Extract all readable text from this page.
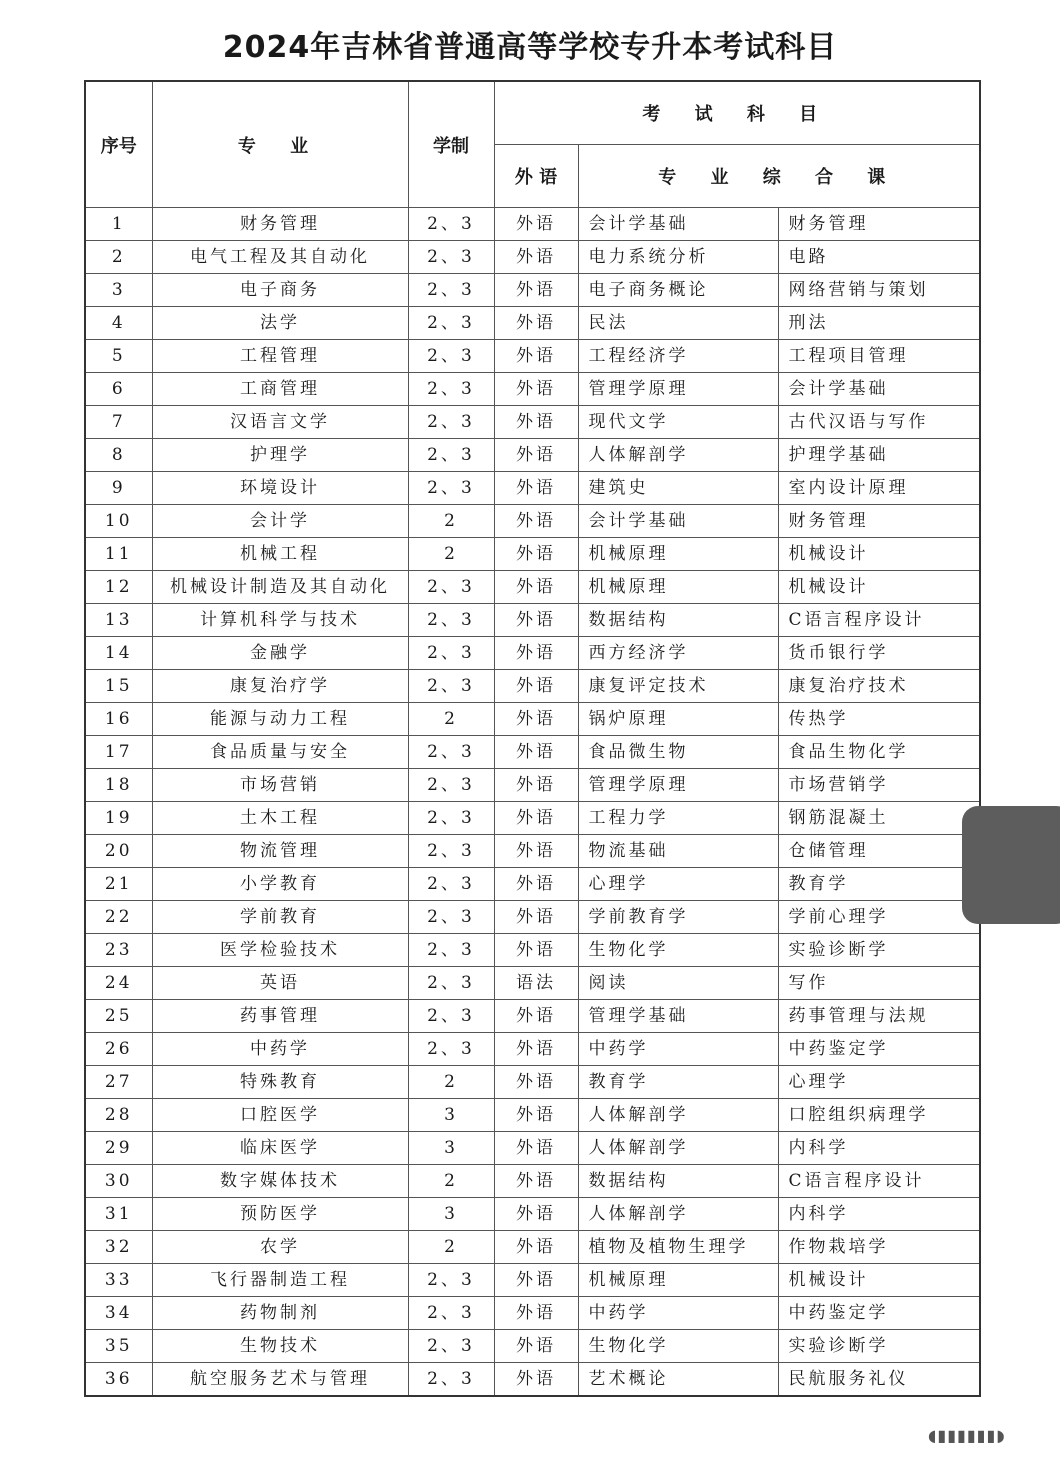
2024年吉林省普通高等学校专升本考试科目
序号	专 业	学制	考 试 科 目		
			外 语	专 业 综 合 课	
1	财务管理	2、3	外语	会计学基础	财务管理
2	电气工程及其自动化	2、3	外语	电力系统分析	电路
3	电子商务	2、3	外语	电子商务概论	网络营销与策划
4	法学	2、3	外语	民法	刑法
5	工程管理	2、3	外语	工程经济学	工程项目管理
6	工商管理	2、3	外语	管理学原理	会计学基础
7	汉语言文学	2、3	外语	现代文学	古代汉语与写作
8	护理学	2、3	外语	人体解剖学	护理学基础
9	环境设计	2、3	外语	建筑史	室内设计原理
10	会计学	2	外语	会计学基础	财务管理
11	机械工程	2	外语	机械原理	机械设计
12	机械设计制造及其自动化	2、3	外语	机械原理	机械设计
13	计算机科学与技术	2、3	外语	数据结构	C语言程序设计
14	金融学	2、3	外语	西方经济学	货币银行学
15	康复治疗学	2、3	外语	康复评定技术	康复治疗技术
16	能源与动力工程	2	外语	锅炉原理	传热学
17	食品质量与安全	2、3	外语	食品微生物	食品生物化学
18	市场营销	2、3	外语	管理学原理	市场营销学
19	土木工程	2、3	外语	工程力学	钢筋混凝土
20	物流管理	2、3	外语	物流基础	仓储管理
21	小学教育	2、3	外语	心理学	教育学
22	学前教育	2、3	外语	学前教育学	学前心理学
23	医学检验技术	2、3	外语	生物化学	实验诊断学
24	英语	2、3	语法	阅读	写作
25	药事管理	2、3	外语	管理学基础	药事管理与法规
26	中药学	2、3	外语	中药学	中药鉴定学
27	特殊教育	2	外语	教育学	心理学
28	口腔医学	3	外语	人体解剖学	口腔组织病理学
29	临床医学	3	外语	人体解剖学	内科学
30	数字媒体技术	2	外语	数据结构	C语言程序设计
31	预防医学	3	外语	人体解剖学	内科学
32	农学	2	外语	植物及植物生理学	作物栽培学
33	飞行器制造工程	2、3	外语	机械原理	机械设计
34	药物制剂	2、3	外语	中药学	中药鉴定学
35	生物技术	2、3	外语	生物化学	实验诊断学
36	航空服务艺术与管理	2、3	外语	艺术概论	民航服务礼仪
◖▮▮▮▮▮▮◗
